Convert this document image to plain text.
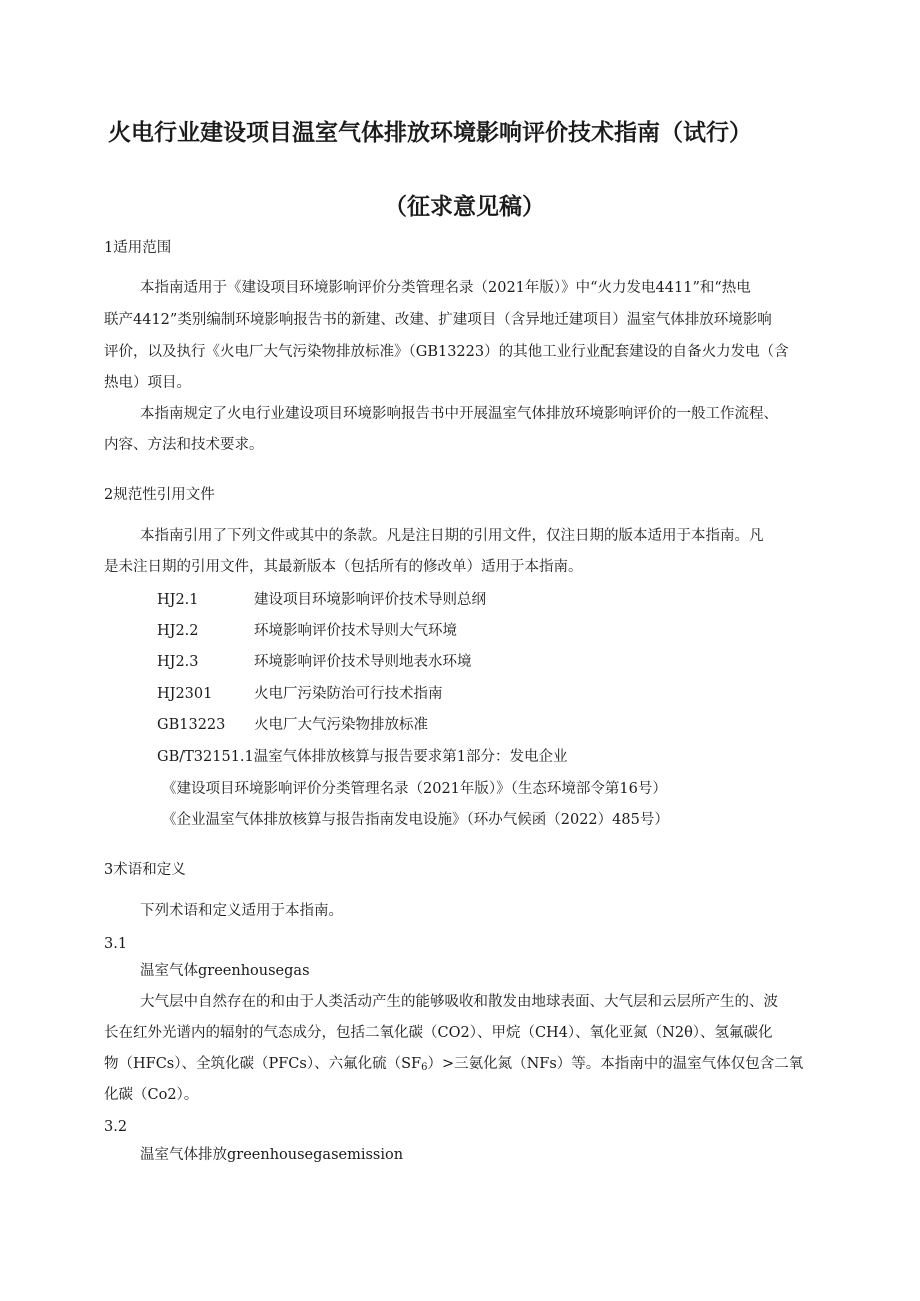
火电行业建设项目温室气体排放环境影响评价技术指南（试行）
（征求意见稿）
1适用范围
本指南适用于《建设项目环境影响评价分类管理名录（2021年版）》中“火力发电4411”和“热电
联产4412”类别编制环境影响报告书的新建、改建、扩建项目（含异地迁建项目）温室气体排放环境影响
评价，以及执行《火电厂大气污染物排放标准》（GB13223）的其他工业行业配套建设的自备火力发电（含
热电）项目。
本指南规定了火电行业建设项目环境影响报告书中开展温室气体排放环境影响评价的一般工作流程、
内容、方法和技术要求。
2规范性引用文件
本指南引用了下列文件或其中的条款。凡是注日期的引用文件，仅注日期的版本适用于本指南。凡
是未注日期的引用文件，其最新版本（包括所有的修改单）适用于本指南。
HJ2.1	建设项目环境影响评价技术导则总纲
HJ2.2	环境影响评价技术导则大气环境
HJ2.3	环境影响评价技术导则地表水环境
HJ2301	火电厂污染防治可行技术指南
GB13223 火电厂大气污染物排放标准
GB/T32151.1温室气体排放核算与报告要求第1部分：发电企业
《建设项目环境影响评价分类管理名录（2021年版）》（生态环境部令第16号）
《企业温室气体排放核算与报告指南发电设施》（环办气候函（2022）485号）
3术语和定义
下列术语和定义适用于本指南。
3.1
温室气体greenhousegas
大气层中自然存在的和由于人类活动产生的能够吸收和散发由地球表面、大气层和云层所产生的、波
长在红外光谱内的辐射的气态成分，包括二氧化碳（CO2）、甲烷（CH4）、氧化亚氮（N2θ）、氢氟碳化
物（HFCs）、全筑化碳（PFCs）、六氟化硫$(SF_6)>$三氨化氮（NFs）等。本指南中的温室气体仅包含二氧
化碳（Co2）。
3.2
温室气体排放greenhousegasemission
